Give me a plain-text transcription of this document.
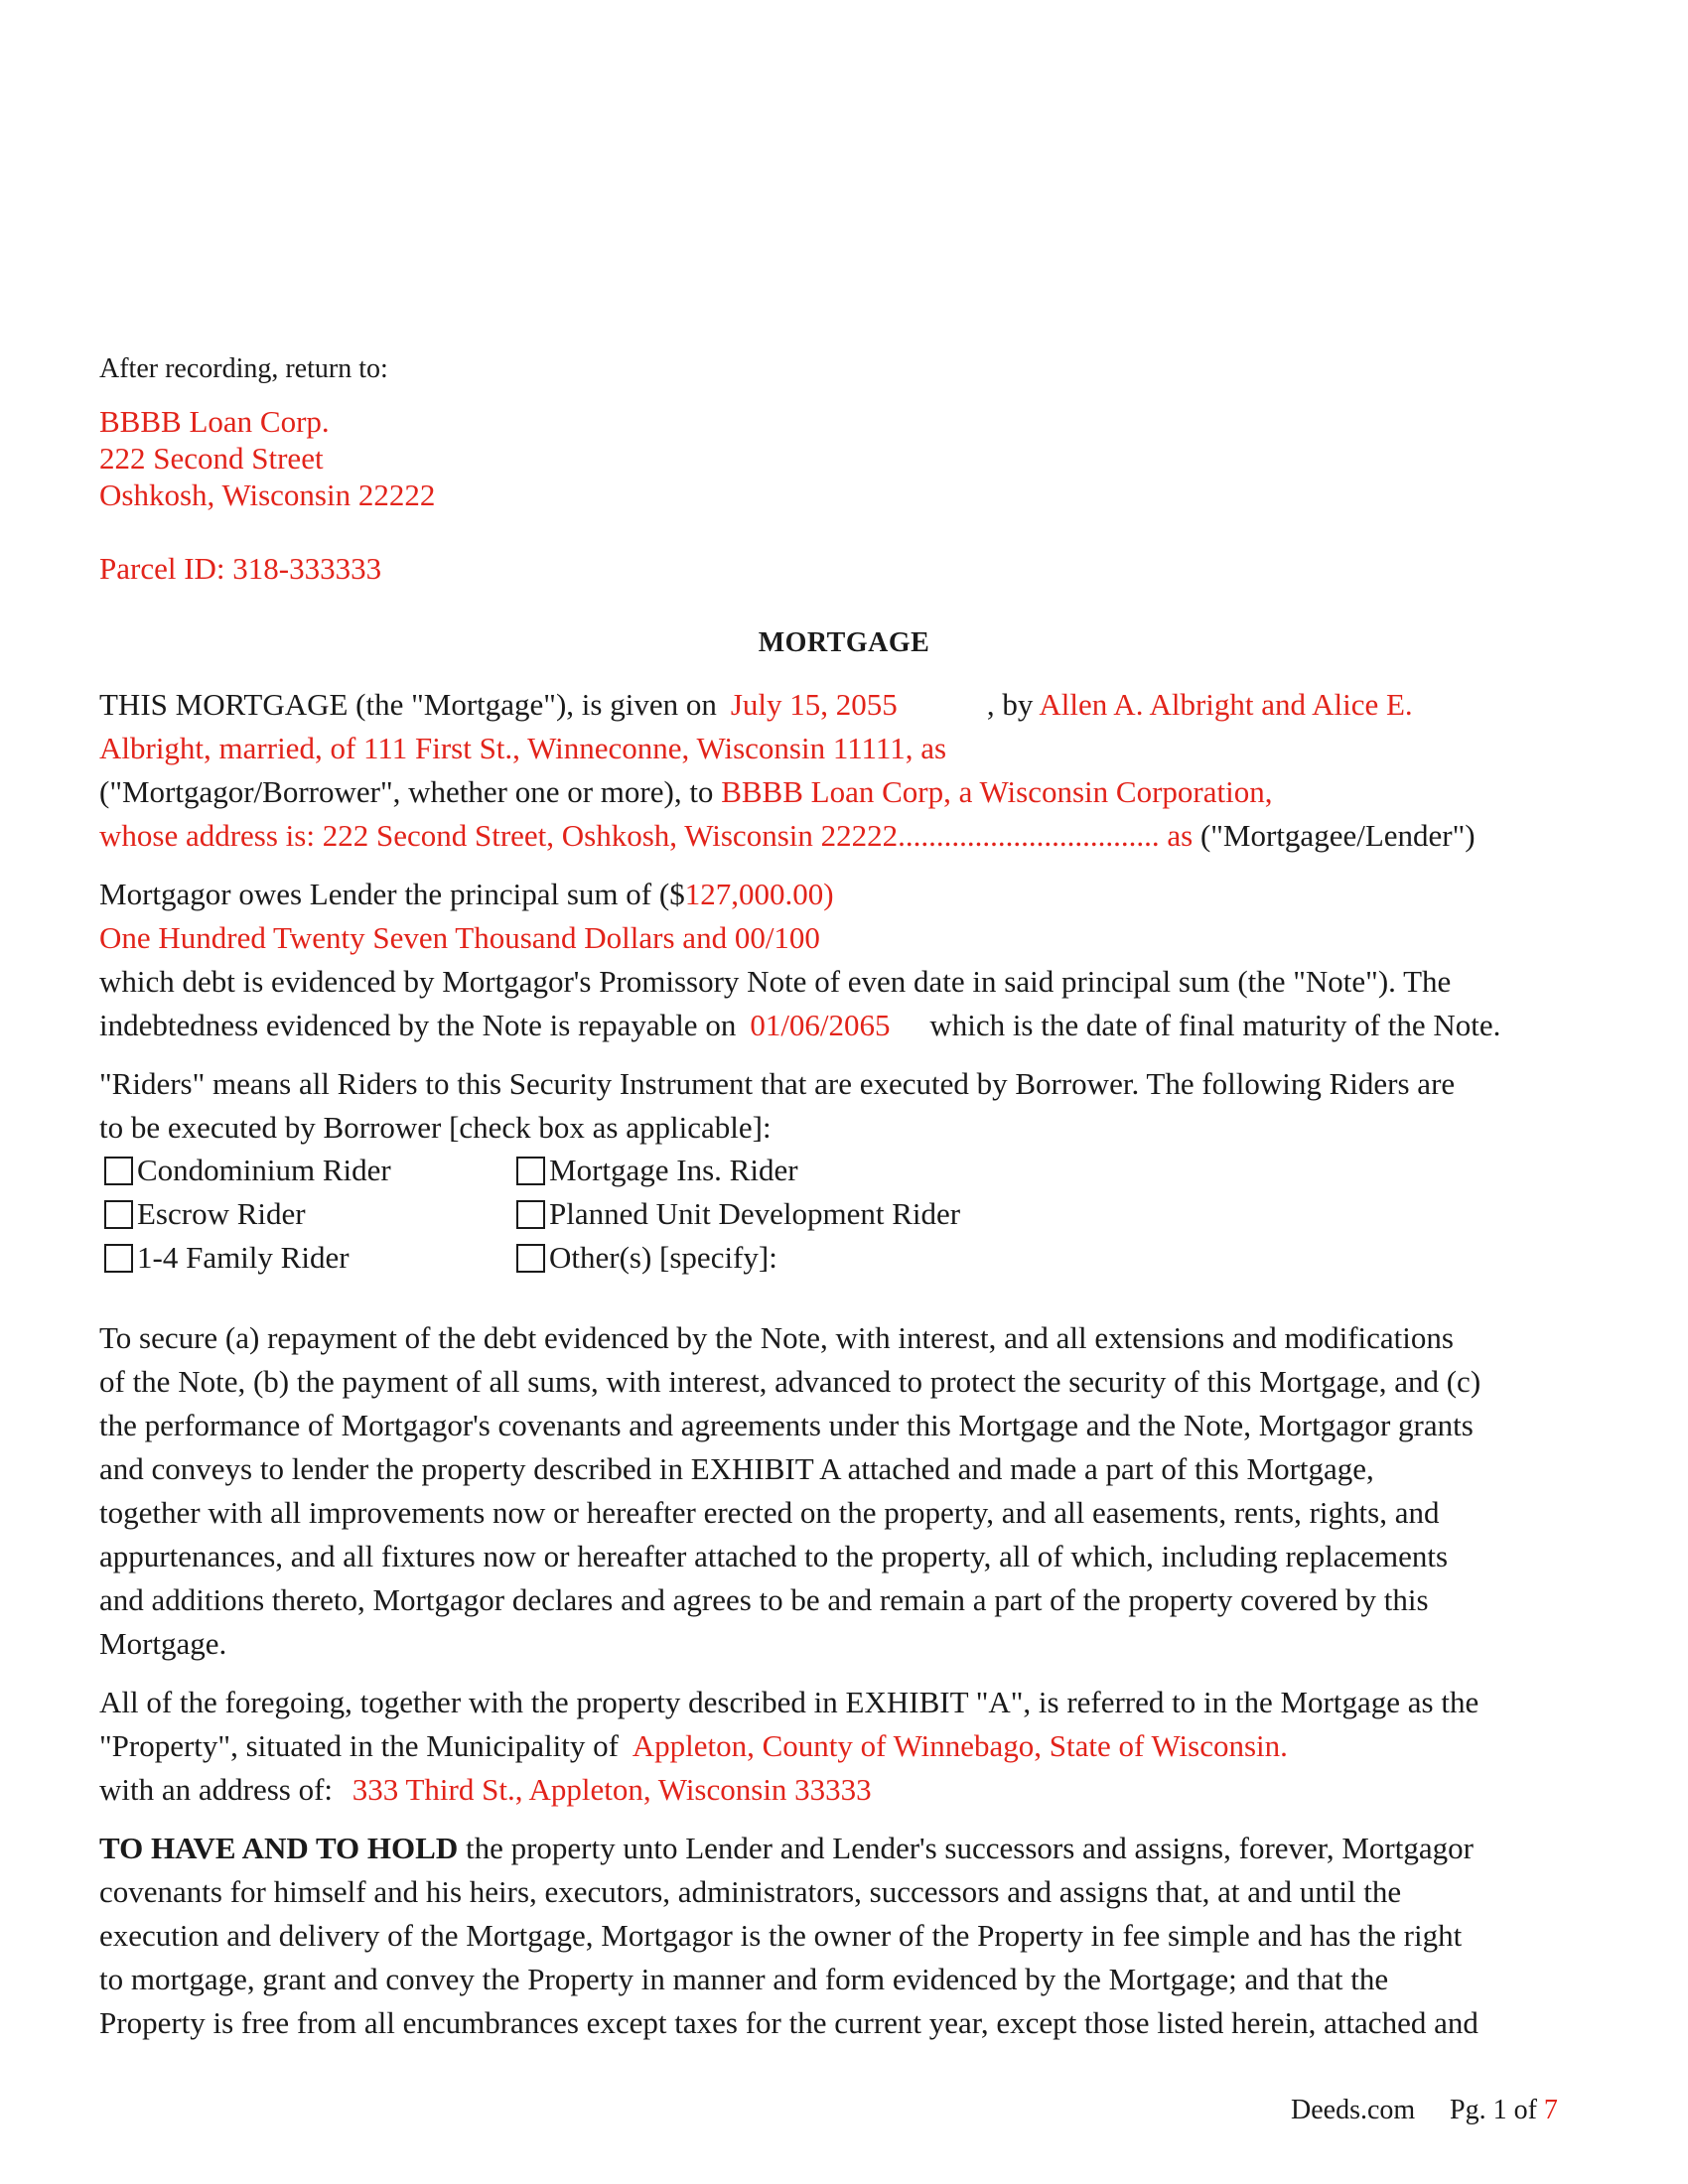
After recording, return to:
BBBB Loan Corp.
222 Second Street
Oshkosh, Wisconsin 22222
Parcel ID: 318-333333
MORTGAGE
THIS MORTGAGE (the "Mortgage"), is given on July 15, 2055	, by Allen A. Albright and Alice E.
Albright, married, of 111 First St., Winneconne, Wisconsin 11111, as
("Mortgagor/Borrower", whether one or more), to BBBB Loan Corp, a Wisconsin Corporation,
whose address is: 222 Second Street, Oshkosh, Wisconsin 22222.................................. as ("Mortgagee/Lender")
Mortgagor owes Lender the principal sum of ($127,000.00)
One Hundred Twenty Seven Thousand Dollars and 00/100
which debt is evidenced by Mortgagor's Promissory Note of even date in said principal sum (the "Note"). The
indebtedness evidenced by the Note is repayable on 01/06/2065 which is the date of final maturity of the Note.
"Riders" means all Riders to this Security Instrument that are executed by Borrower. The following Riders are
to be executed by Borrower [check box as applicable]:
Condominium Rider	Mortgage Ins. Rider
Escrow Rider	Planned Unit Development Rider
1-4 Family Rider	Other(s) [specify]:
To secure (a) repayment of the debt evidenced by the Note, with interest, and all extensions and modifications
of the Note, (b) the payment of all sums, with interest, advanced to protect the security of this Mortgage, and (c)
the performance of Mortgagor's covenants and agreements under this Mortgage and the Note, Mortgagor grants
and conveys to lender the property described in EXHIBIT A attached and made a part of this Mortgage,
together with all improvements now or hereafter erected on the property, and all easements, rents, rights, and
appurtenances, and all fixtures now or hereafter attached to the property, all of which, including replacements
and additions thereto, Mortgagor declares and agrees to be and remain a part of the property covered by this
Mortgage.
All of the foregoing, together with the property described in EXHIBIT "A", is referred to in the Mortgage as the
"Property", situated in the Municipality of Appleton, County of Winnebago, State of Wisconsin.
with an address of: 333 Third St., Appleton, Wisconsin 33333
TO HAVE AND TO HOLD the property unto Lender and Lender's successors and assigns, forever, Mortgagor
covenants for himself and his heirs, executors, administrators, successors and assigns that, at and until the
execution and delivery of the Mortgage, Mortgagor is the owner of the Property in fee simple and has the right
to mortgage, grant and convey the Property in manner and form evidenced by the Mortgage; and that the
Property is free from all encumbrances except taxes for the current year, except those listed herein, attached and
Deeds.com Pg. 1 of 7
